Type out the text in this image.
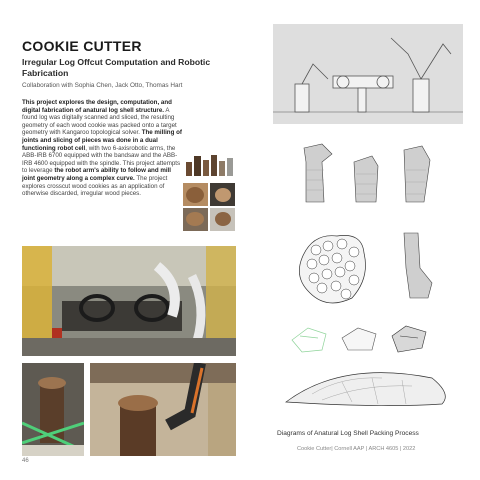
COOKIE CUTTER
Irregular Log Offcut Computation and Robotic Fabrication
Collaboration with Sophia Chen, Jack Otto, Thomas Hart
This project explores the design, computation, and digital fabrication of anatural log shell structure. A found log was digitally scanned and sliced, the resulting geometry of each wood cookie was packed onto a target geometry with Kangaroo topological solver. The milling of joints and slicing of pieces was done in a dual functioning robot cell, with two 6-axisrobotic arms, the ABB-IRB 6700 equipped with the bandsaw and the ABB-IRB 4600 equipped with the spindle. This project attempts to leverage the robot arm's ability to follow and mill joint geometry along a complex curve. The project explores crosscut wood cookies as an application of otherwise discarded, irregular wood pieces.
Diagrams of Anatural Log Shell Packing Process
Cookie Cutter| Cornell AAP | ARCH 4605 | 2022
46
